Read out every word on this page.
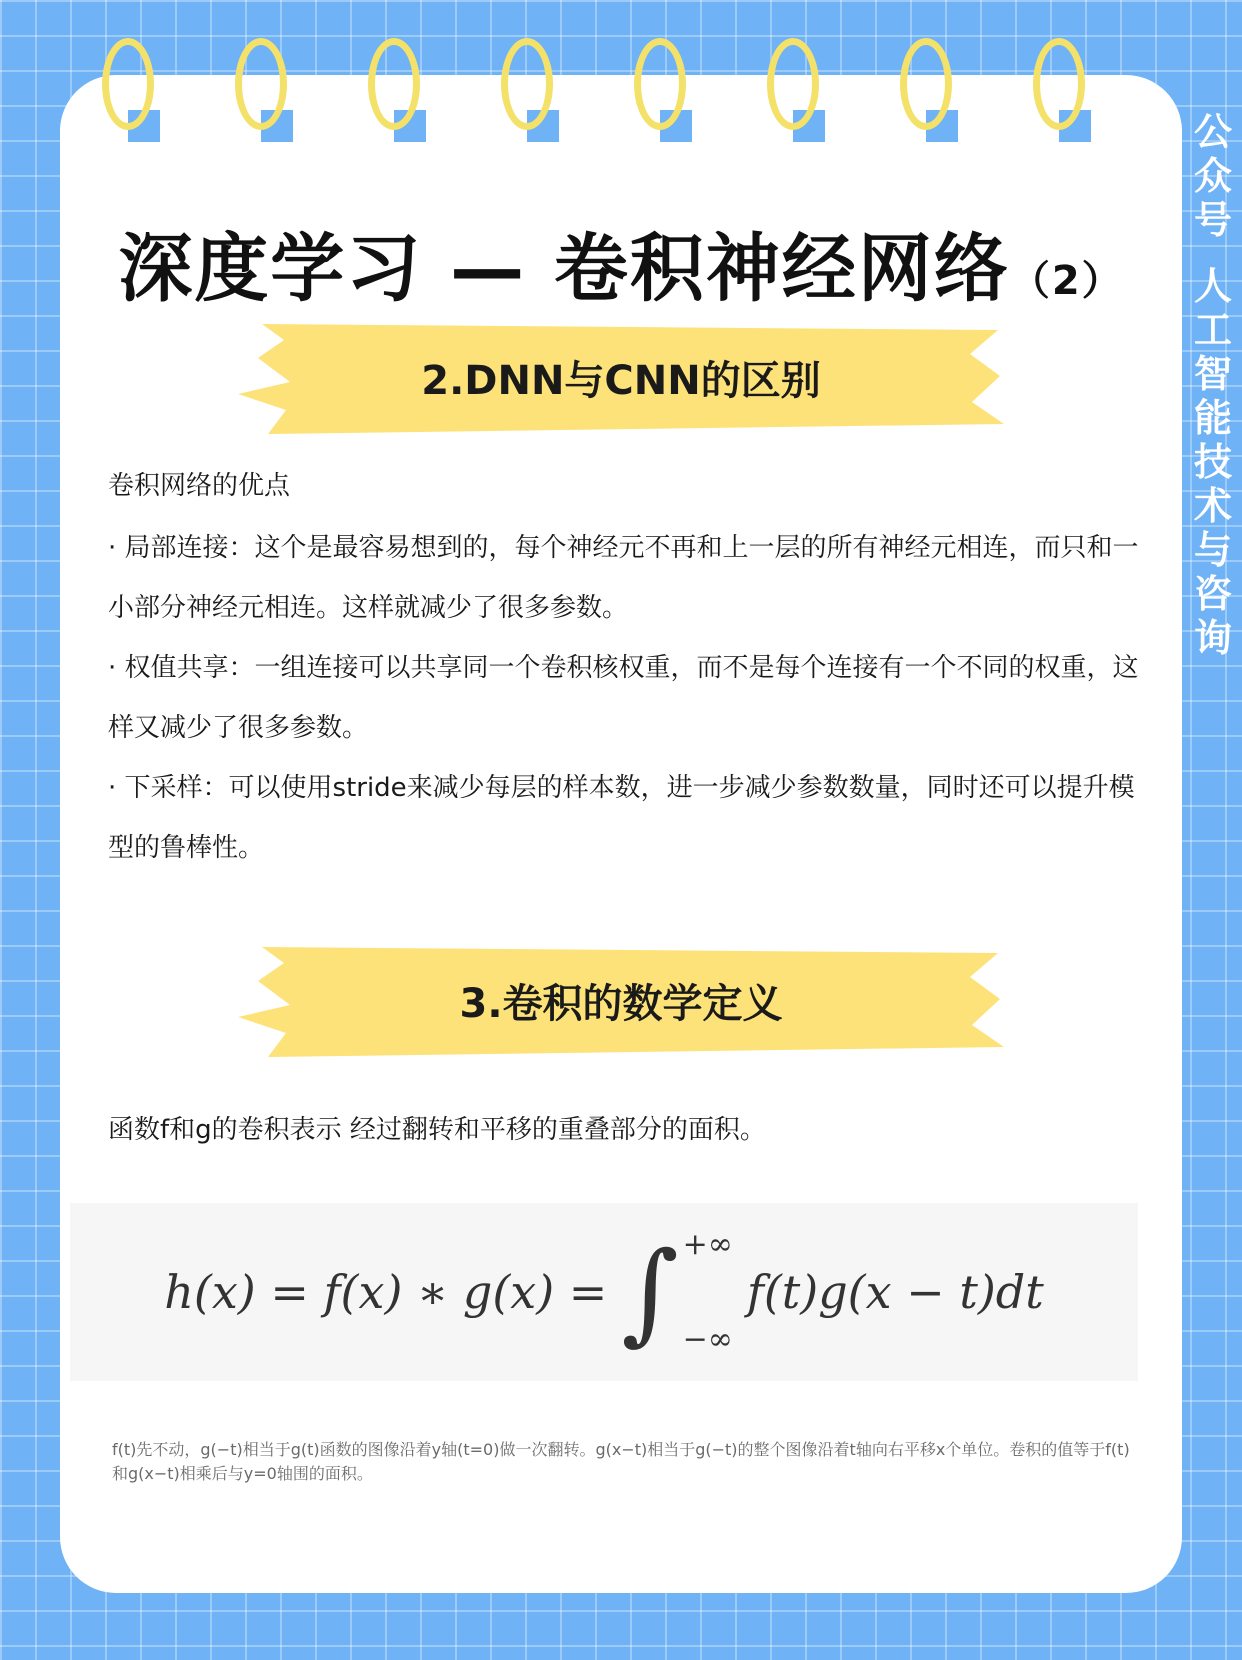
公
众
号
人
工
智
能
技
术
与
咨
询
深度学习 — 卷积神经网络（2）
2.DNN与CNN的区别
卷积网络的优点
· 局部连接：这个是最容易想到的，每个神经元不再和上一层的所有神经元相连，而只和一小部分神经元相连。这样就减少了很多参数。
· 权值共享：一组连接可以共享同一个卷积核权重，而不是每个连接有一个不同的权重，这样又减少了很多参数。
· 下采样：可以使用stride来减少每层的样本数，进一步减少参数数量，同时还可以提升模型的鲁棒性。
3.卷积的数学定义
函数f和g的卷积表示 经过翻转和平移的重叠部分的面积。
h(x) = f(x) ∗ g(x) = ∫ +∞
−∞
f(t)g(x − t)dt
f(t)先不动，g(−t)相当于g(t)函数的图像沿着y轴(t=0)做一次翻转。g(x−t)相当于g(−t)的整个图像沿着t轴向右平移x个单位。卷积的值等于f(t)和g(x−t)相乘后与y=0轴围的面积。
